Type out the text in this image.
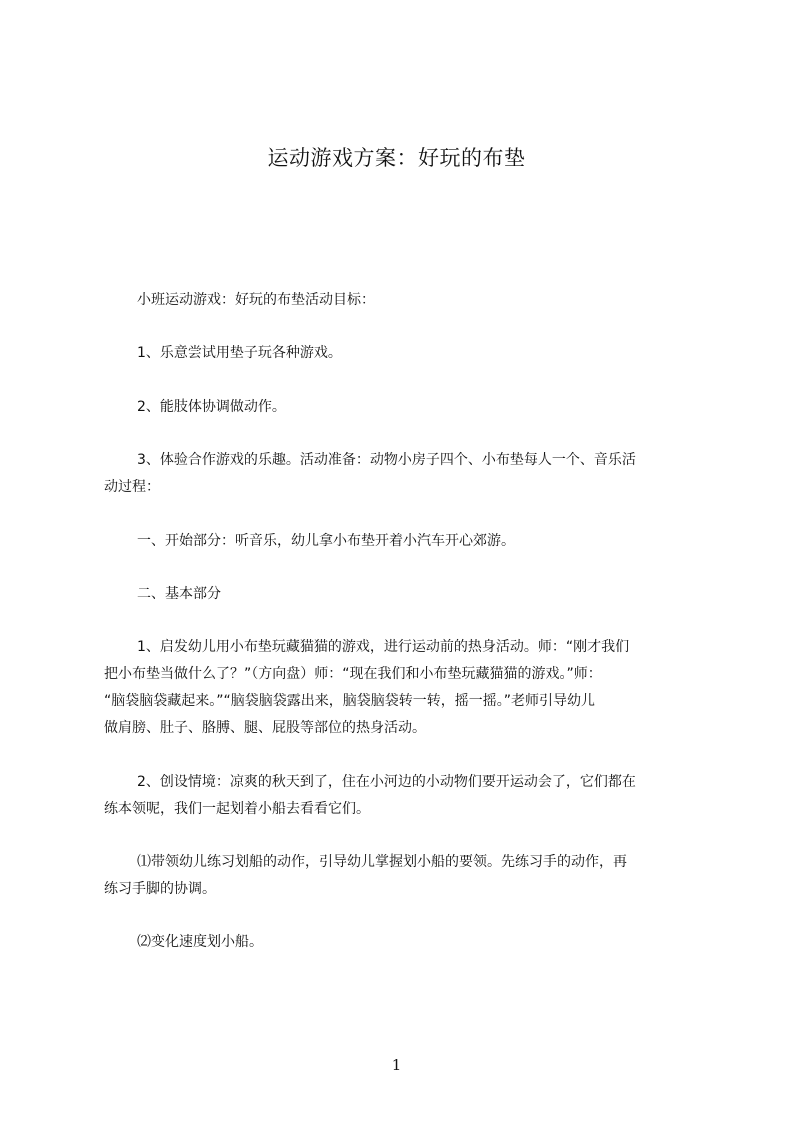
运动游戏方案：好玩的布垫
小班运动游戏：好玩的布垫活动目标：
1、乐意尝试用垫子玩各种游戏。
2、能肢体协调做动作。
3、体验合作游戏的乐趣。活动准备：动物小房子四个、小布垫每人一个、音乐活
动过程：
一、开始部分：听音乐，幼儿拿小布垫开着小汽车开心郊游。
二、基本部分
1、启发幼儿用小布垫玩藏猫猫的游戏，进行运动前的热身活动。师：“刚才我们
把小布垫当做什么了？”（方向盘）师：“现在我们和小布垫玩藏猫猫的游戏。”师：
“脑袋脑袋藏起来。”“脑袋脑袋露出来，脑袋脑袋转一转，摇一摇。”老师引导幼儿
做肩膀、肚子、胳膊、腿、屁股等部位的热身活动。
2、创设情境：凉爽的秋天到了，住在小河边的小动物们要开运动会了，它们都在
练本领呢，我们一起划着小船去看看它们。
⑴带领幼儿练习划船的动作，引导幼儿掌握划小船的要领。先练习手的动作，再
练习手脚的协调。
⑵变化速度划小船。
1
